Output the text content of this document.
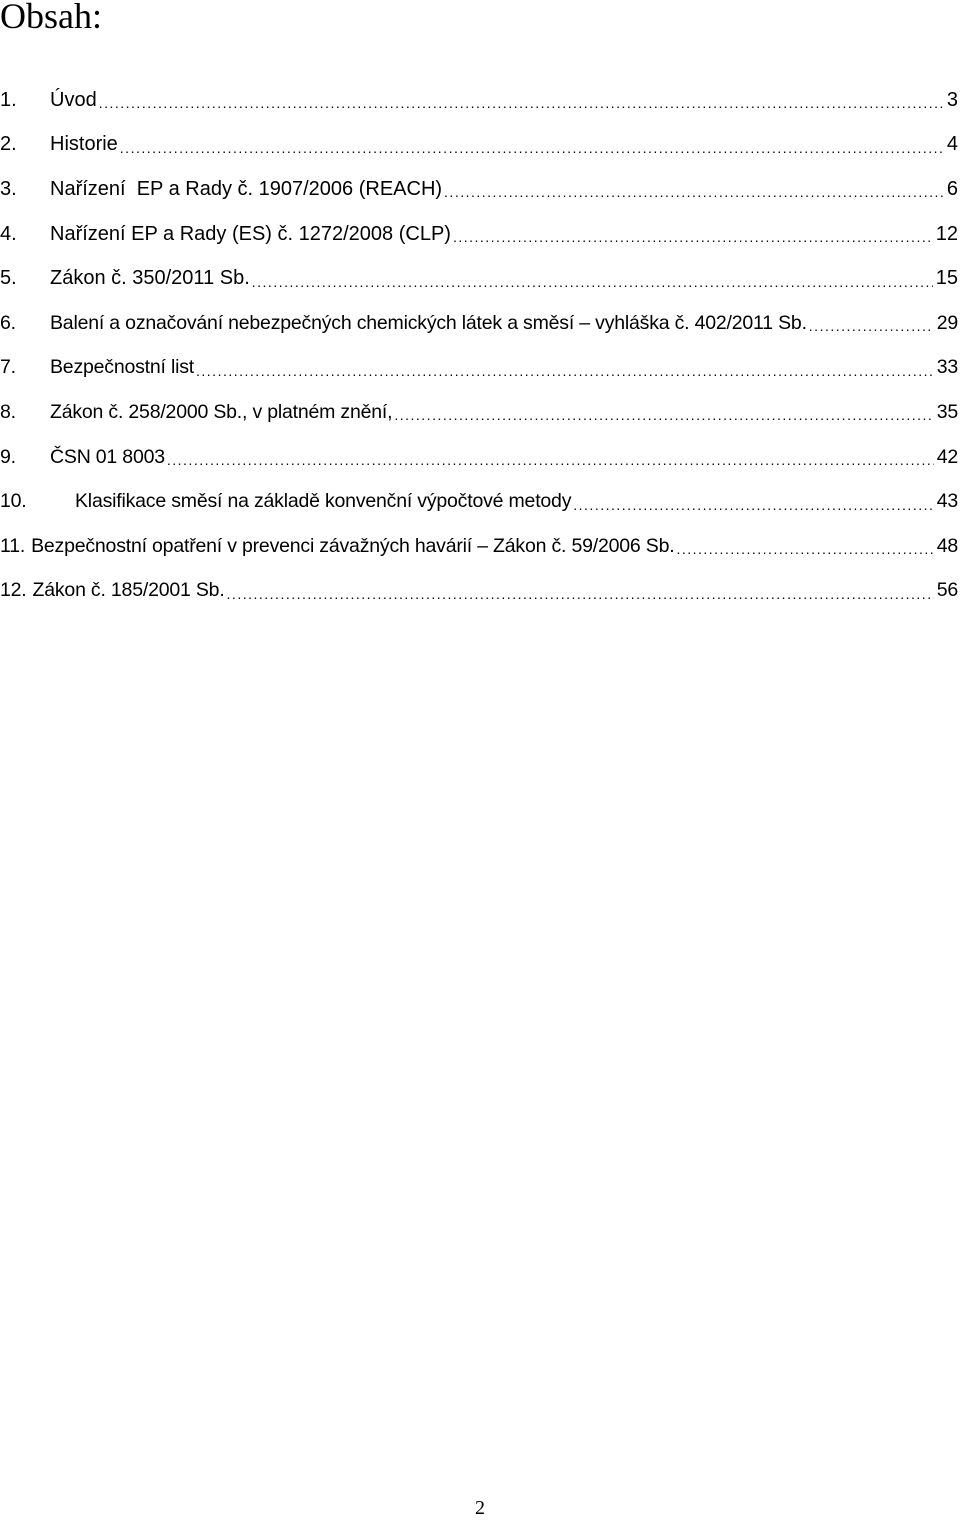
Obsah:
1.	Úvod .....	3
2.	Historie .....	4
3.	Nařízení  EP a Rady č. 1907/2006 (REACH) .....	6
4.	Nařízení EP a Rady (ES) č. 1272/2008 (CLP) .....	12
5.	Zákon č. 350/2011 Sb. .....	15
6.	Balení a označování nebezpečných chemických látek a směsí – vyhláška č. 402/2011 Sb. .....	29
7.	Bezpečnostní list .....	33
8.	Zákon č. 258/2000 Sb., v platném znění, .....	35
9.	ČSN 01 8003 .....	42
10.	Klasifikace směsí na základě konvenční výpočtové metody .....	43
11. Bezpečnostní opatření v prevenci závažných havárií – Zákon č. 59/2006 Sb. .....	48
12. Zákon č. 185/2001 Sb. .....	56
2
